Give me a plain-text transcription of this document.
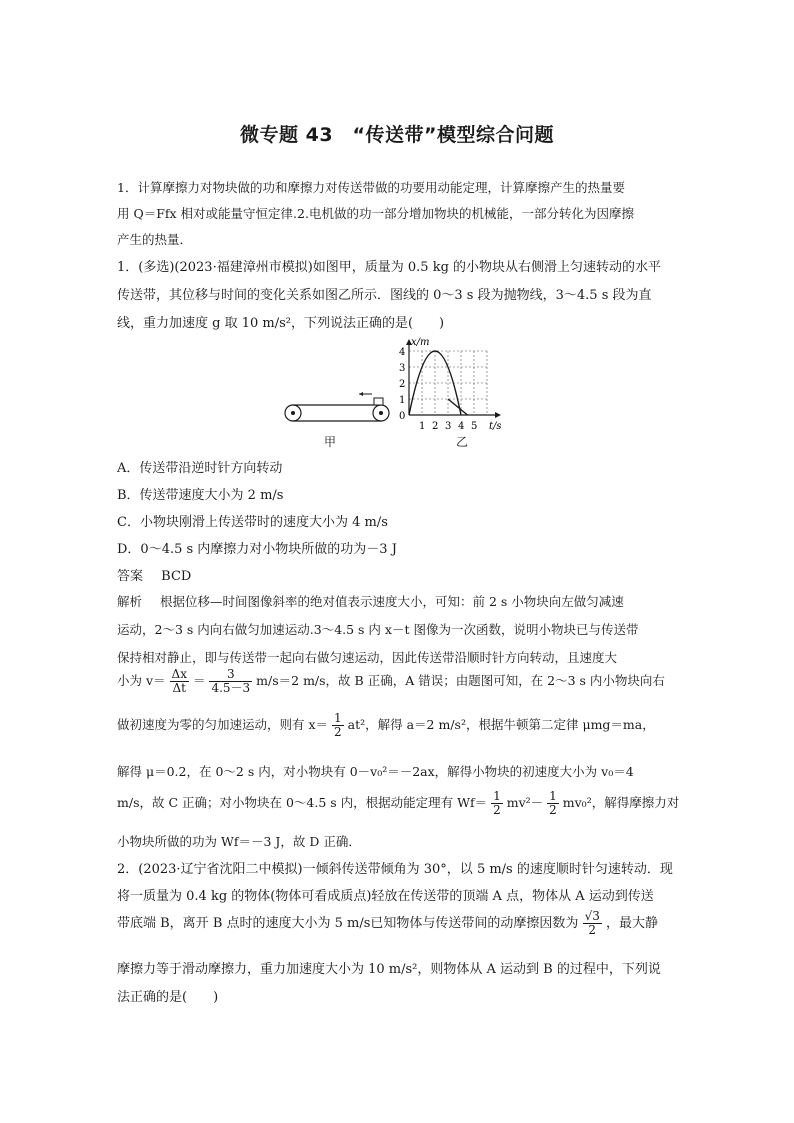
微专题 43　“传送带”模型综合问题
1．计算摩擦力对物块做的功和摩擦力对传送带做的功要用动能定理，计算摩擦产生的热量要
用 Q＝Ffx 相对或能量守恒定律.2.电机做的功一部分增加物块的机械能，一部分转化为因摩擦
产生的热量．
1．(多选)(2023·福建漳州市模拟)如图甲，质量为 0.5 kg 的小物块从右侧滑上匀速转动的水平
传送带，其位移与时间的变化关系如图乙所示．图线的 0～3 s 段为抛物线，3～4.5 s 段为直
线，重力加速度 g 取 10 m/s²，下列说法正确的是(　　)
x/m
t/s
0
1
2
3
4
1 2 3 4 5
甲	乙
A．传送带沿逆时针方向转动
B．传送带速度大小为 2 m/s
C．小物块刚滑上传送带时的速度大小为 4 m/s
D．0～4.5 s 内摩擦力对小物块所做的功为－3 J
答案 BCD
解析 根据位移—时间图像斜率的绝对值表示速度大小，可知：前 2 s 小物块向左做匀减速
运动，2～3 s 内向右做匀加速运动.3～4.5 s 内 x－t 图像为一次函数，说明小物块已与传送带
保持相对静止，即与传送带一起向右做匀速运动，因此传送带沿顺时针方向转动，且速度大
小为 $v= \frac{\Delta x}{\Delta t} = \frac{3}{4.5-3} m/s=2$ m/s，故 B 正确，A 错误；由题图可知，在 2～3 s 内小物块向右
做初速度为零的匀加速运动，则有 $x= \frac{1}{2} at^2$，解得 a＝2 m/s²，根据牛顿第二定律 μmg＝ma，
解得 μ＝0.2，在 0～2 s 内，对小物块有 0－v₀²＝－2ax，解得小物块的初速度大小为 v₀＝4
m/s，故 C 正确；对小物块在 0～4.5 s 内，根据动能定理有 $Wf= \frac{1}{2} mv^2- \frac{1}{2} mv_0^2$，解得摩擦力对
小物块所做的功为 Wf＝－3 J，故 D 正确．
2．(2023·辽宁省沈阳二中模拟)一倾斜传送带倾角为 30°，以 5 m/s 的速度顺时针匀速转动．现
将一质量为 0.4 kg 的物体(物体可看成质点)轻放在传送带的顶端 A 点，物体从 A 运动到传送
带底端 B，离开 B 点时的速度大小为 5 m/s已知物体与传送带间的动摩擦因数为 $\frac{√3}{2}$ ，最大静
摩擦力等于滑动摩擦力，重力加速度大小为 10 m/s²，则物体从 A 运动到 B 的过程中，下列说
法正确的是(　　)
